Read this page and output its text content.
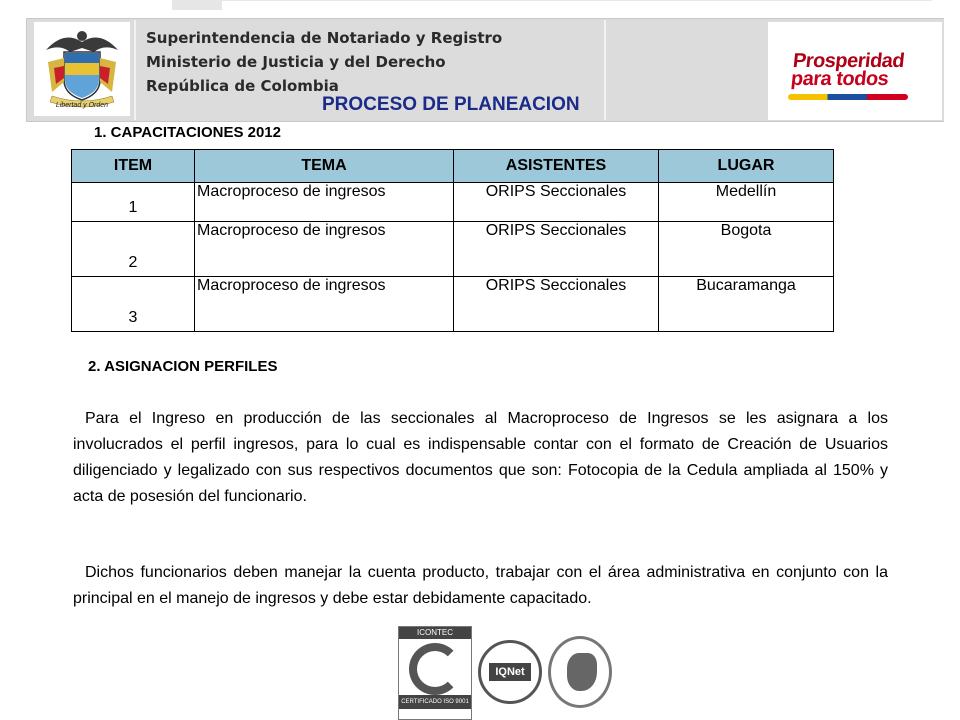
Libertad y Orden
Superintendencia de Notariado y Registro
Ministerio de Justicia y del Derecho
República de Colombia
Prosperidad
para todos
PROCESO DE PLANEACION
1. CAPACITACIONES 2012
ITEM	TEMA	ASISTENTES	LUGAR
1	Macroproceso de ingresos	ORIPS Seccionales	Medellín
2	Macroproceso de ingresos	ORIPS Seccionales	Bogota
3	Macroproceso de ingresos	ORIPS Seccionales	Bucaramanga
2. ASIGNACION PERFILES

Para el Ingreso en producción de las seccionales al Macroproceso de Ingresos se les asignara a los involucrados el perfil ingresos, para lo cual es indispensable contar con el formato de Creación de Usuarios diligenciado y legalizado con sus respectivos documentos que son: Fotocopia de la Cedula ampliada al 150% y acta de posesión del funcionario.

Dichos funcionarios deben manejar la cuenta producto, trabajar con el área administrativa en conjunto con la principal en el manejo de ingresos y debe estar debidamente capacitado.

ICONTEC
CERTIFICADO ISO 9001
IQNet
